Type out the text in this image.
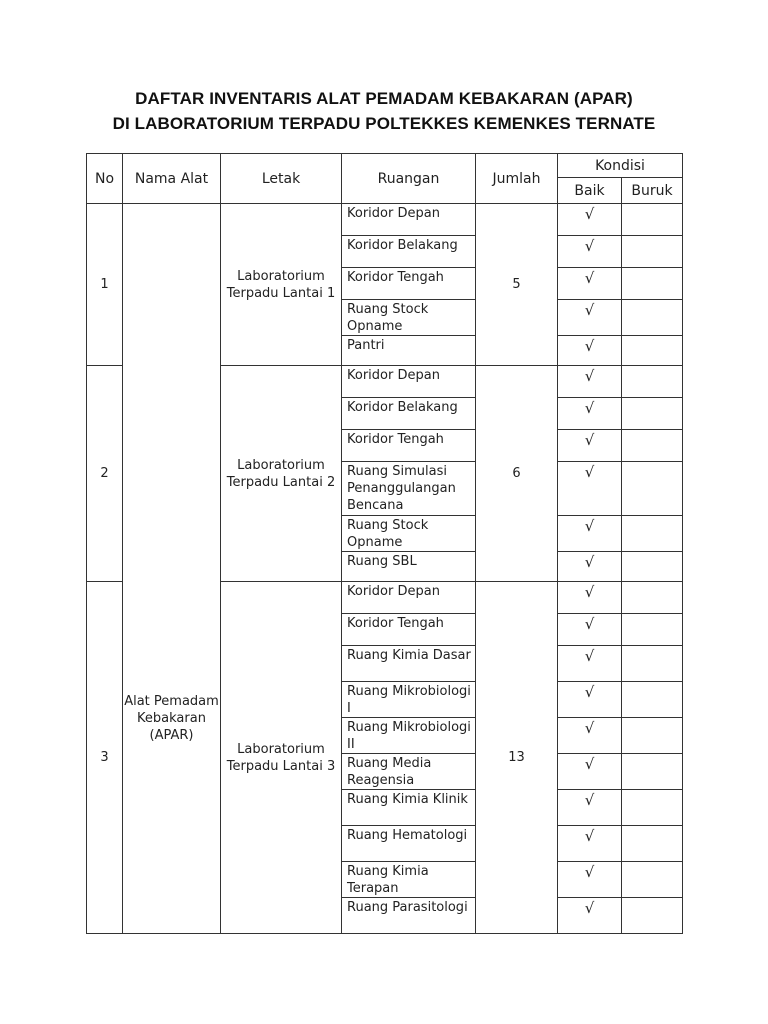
DAFTAR INVENTARIS ALAT PEMADAM KEBAKARAN (APAR)
DI LABORATORIUM TERPADU POLTEKKES KEMENKES TERNATE
No	Nama Alat	Letak	Ruangan	Jumlah	Kondisi	
					Baik	Buruk
1	Alat Pemadam Kebakaran (APAR)	Laboratorium Terpadu Lantai 1	Koridor Depan	5	√	
			Koridor Belakang		√	
			Koridor Tengah		√	
			Ruang Stock Opname		√	
			Pantri		√	
2		Laboratorium Terpadu Lantai 2	Koridor Depan	6	√	
			Koridor Belakang		√	
			Koridor Tengah		√	
			Ruang Simulasi Penanggulangan Bencana		√	
			Ruang Stock Opname		√	
			Ruang SBL		√	
3		Laboratorium Terpadu Lantai 3	Koridor Depan	13	√	
			Koridor Tengah		√	
			Ruang Kimia Dasar		√	
			Ruang Mikrobiologi I		√	
			Ruang Mikrobiologi II		√	
			Ruang Media Reagensia		√	
			Ruang Kimia Klinik		√	
			Ruang Hematologi		√	
			Ruang Kimia Terapan		√	
			Ruang Parasitologi		√	
